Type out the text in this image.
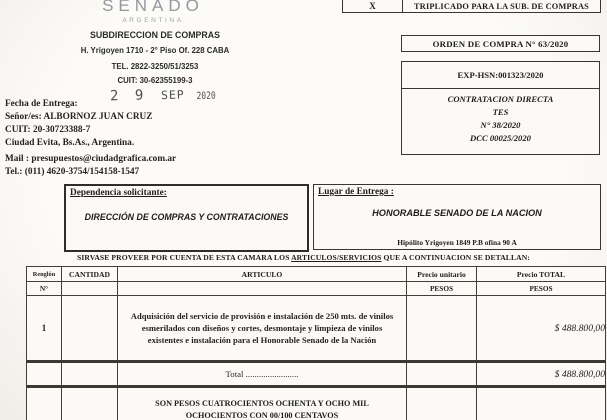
X	TRIPLICADO PARA LA SUB. DE COMPRAS
SENADO
ARGENTINA
SUBDIRECCION DE COMPRAS
H. Yrigoyen 1710 - 2° Piso Of. 228 CABA
TEL. 2822-3250/51/3253
CUIT: 30-62355199-3
2 9 SEP 2020
ORDEN DE COMPRA N° 63/2020
EXP-HSN:001323/2020
CONTRATACION DIRECTA
TES
N° 38/2020
DCC 00025/2020
Fecha de Entrega:
Señor/es: ALBORNOZ JUAN CRUZ
CUIT: 20-30723388-7
Ciudad Evita, Bs.As., Argentina.
Mail : presupuestos@ciudadgrafica.com.ar
Tel.: (011) 4620-3754/154158-1547
Dependencia solicitante:
DIRECCIÓN DE COMPRAS Y CONTRATACIONES
Lugar de Entrega :
HONORABLE SENADO DE LA NACION
Hipólito Yrigoyen 1849 P.B ofina 90 A
SIRVASE PROVEER POR CUENTA DE ESTA CAMARA LOS ARTICULOS/SERVICIOS QUE A CONTINUACION SE DETALLAN:
Renglón	CANTIDAD	ARTICULO	Precio unitario	Precio TOTAL
N°			PESOS	PESOS
1		Adquisición del servicio de provisión e instalación de 250 mts. de vinilos esmerilados con diseños y cortes, desmontaje y limpieza de vinilos existentes e instalación para el Honorable Senado de la Nación		$ 488.800,00
		Total ........................		$ 488.800,00
		SON PESOS CUATROCIENTOS OCHENTA Y OCHO MIL OCHOCIENTOS CON 00/100 CENTAVOS		
